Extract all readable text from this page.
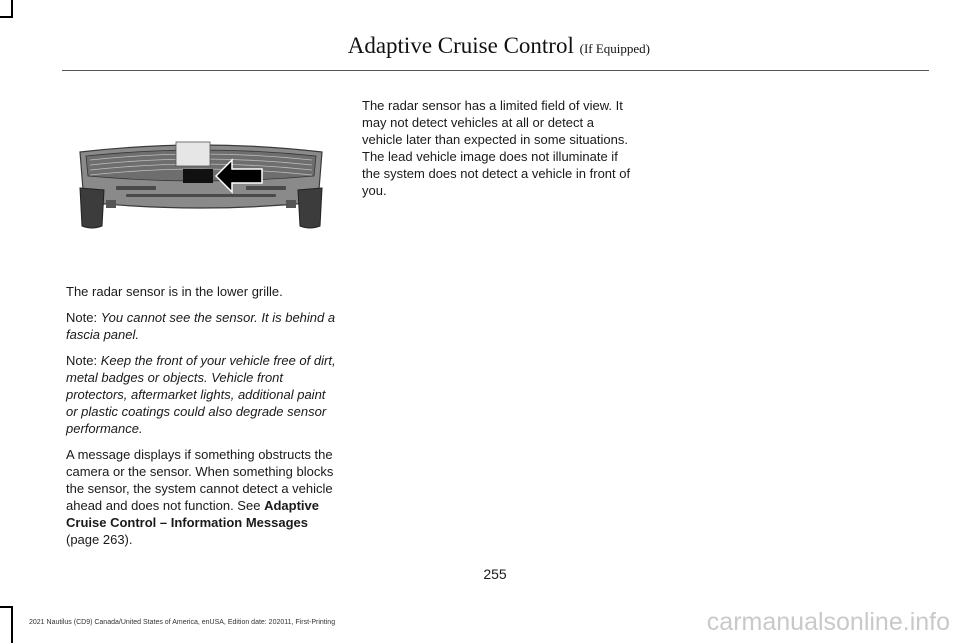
Adaptive Cruise Control (If Equipped)

The radar sensor is in the lower grille.

Note: You cannot see the sensor. It is behind a fascia panel.

Note: Keep the front of your vehicle free of dirt, metal badges or objects. Vehicle front protectors, aftermarket lights, additional paint or plastic coatings could also degrade sensor performance.

A message displays if something obstructs the camera or the sensor. When something blocks the sensor, the system cannot detect a vehicle ahead and does not function. See Adaptive Cruise Control – Information Messages (page 263).

The radar sensor has a limited field of view. It may not detect vehicles at all or detect a vehicle later than expected in some situations. The lead vehicle image does not illuminate if the system does not detect a vehicle in front of you.

255
2021 Nautilus (CD9) Canada/United States of America, enUSA, Edition date: 202011, First-Printing	carmanualsonline.info
